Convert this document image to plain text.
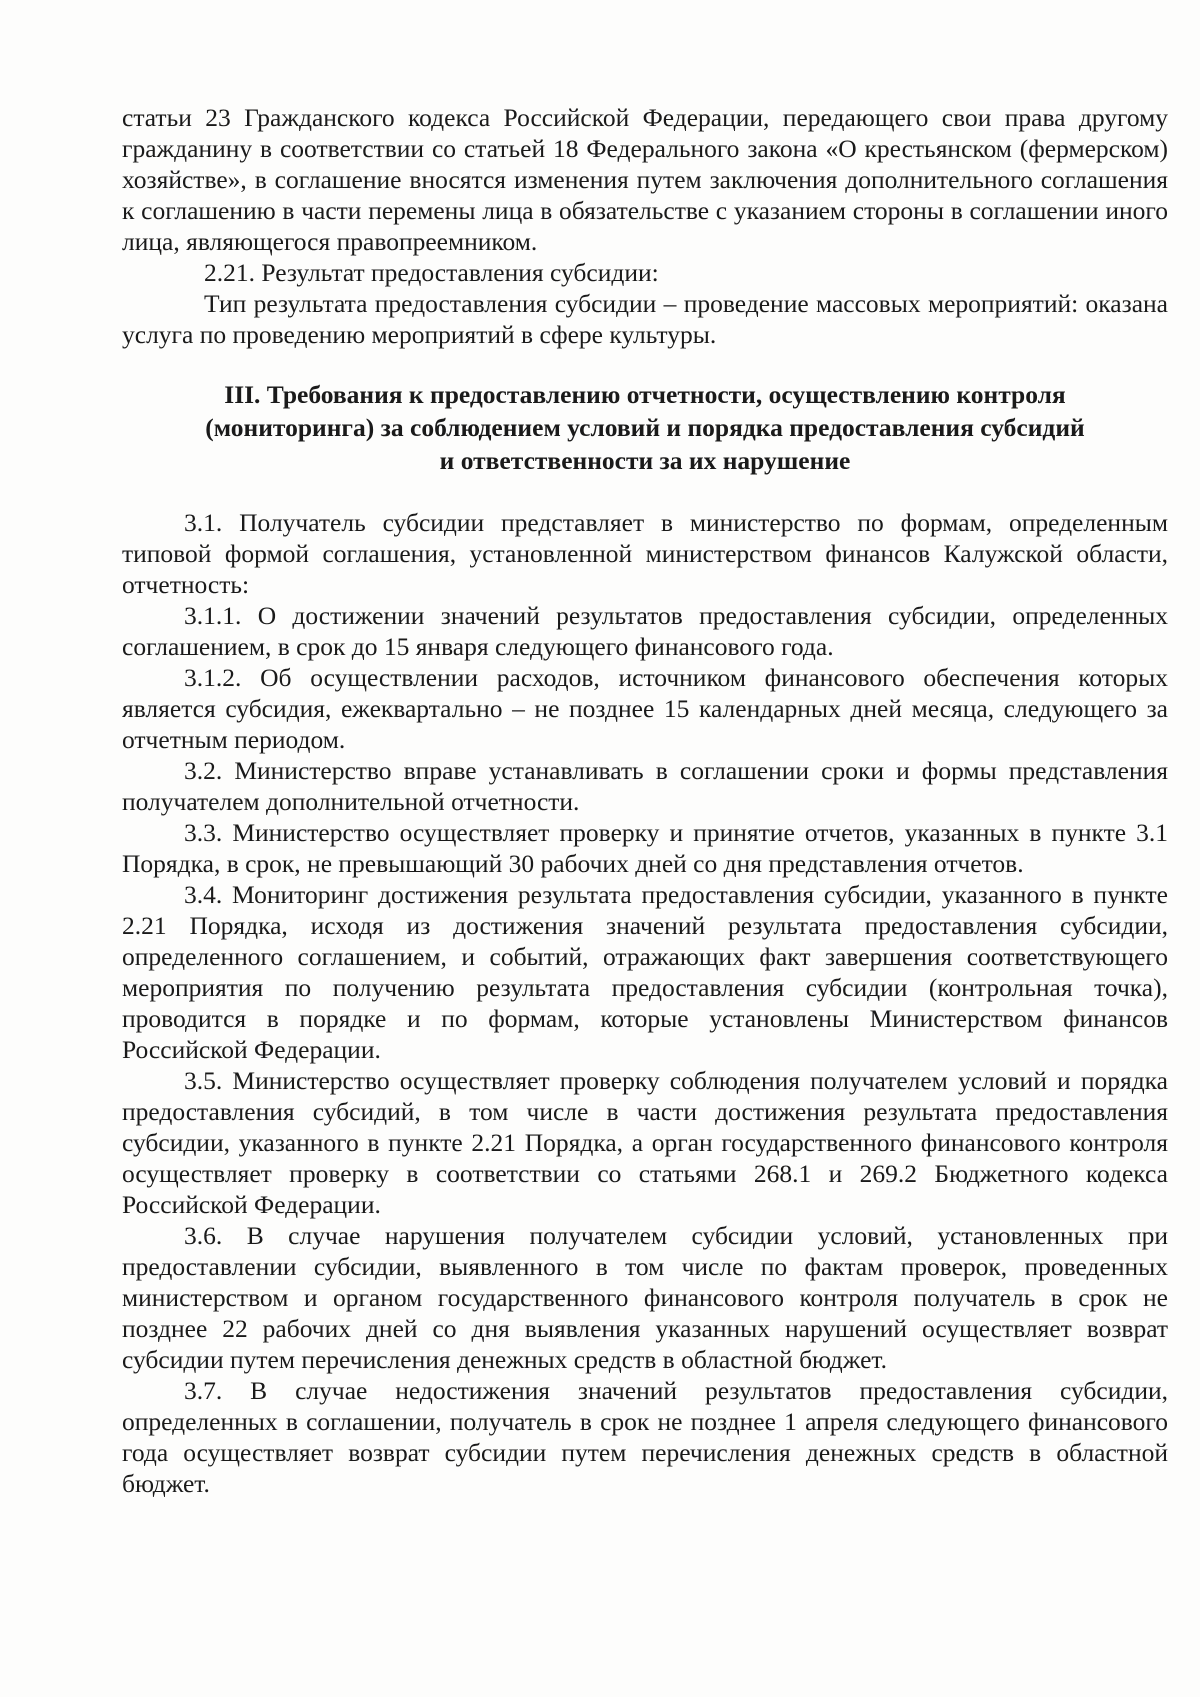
статьи 23 Гражданского кодекса Российской Федерации, передающего свои права другому гражданину в соответствии со статьей 18 Федерального закона «О крестьянском (фермерском) хозяйстве», в соглашение вносятся изменения путем заключения дополнительного соглашения к соглашению в части перемены лица в обязательстве с указанием стороны в соглашении иного лица, являющегося правопреемником.

2.21. Результат предоставления субсидии:

Тип результата предоставления субсидии – проведение массовых мероприятий: оказана услуга по проведению мероприятий в сфере культуры.

III. Требования к предоставлению отчетности, осуществлению контроля
(мониторинга) за соблюдением условий и порядка предоставления субсидий
и ответственности за их нарушение

3.1. Получатель субсидии представляет в министерство по формам, определенным типовой формой соглашения, установленной министерством финансов Калужской области, отчетность:

3.1.1. О достижении значений результатов предоставления субсидии, определенных соглашением, в срок до 15 января следующего финансового года.

3.1.2. Об осуществлении расходов, источником финансового обеспечения которых является субсидия, ежеквартально – не позднее 15 календарных дней месяца, следующего за отчетным периодом.

3.2. Министерство вправе устанавливать в соглашении сроки и формы представления получателем дополнительной отчетности.

3.3. Министерство осуществляет проверку и принятие отчетов, указанных в пункте 3.1 Порядка, в срок, не превышающий 30 рабочих дней со дня представления отчетов.

3.4. Мониторинг достижения результата предоставления субсидии, указанного в пункте 2.21 Порядка, исходя из достижения значений результата предоставления субсидии, определенного соглашением, и событий, отражающих факт завершения соответствующего мероприятия по получению результата предоставления субсидии (контрольная точка), проводится в порядке и по формам, которые установлены Министерством финансов Российской Федерации.

3.5. Министерство осуществляет проверку соблюдения получателем условий и порядка предоставления субсидий, в том числе в части достижения результата предоставления субсидии, указанного в пункте 2.21 Порядка, а орган государственного финансового контроля осуществляет проверку в соответствии со статьями 268.1 и 269.2 Бюджетного кодекса Российской Федерации.

3.6. В случае нарушения получателем субсидии условий, установленных при предоставлении субсидии, выявленного в том числе по фактам проверок, проведенных министерством и органом государственного финансового контроля получатель в срок не позднее 22 рабочих дней со дня выявления указанных нарушений осуществляет возврат субсидии путем перечисления денежных средств в областной бюджет.

3.7. В случае недостижения значений результатов предоставления субсидии, определенных в соглашении, получатель в срок не позднее 1 апреля следующего финансового года осуществляет возврат субсидии путем перечисления денежных средств в областной бюджет.
